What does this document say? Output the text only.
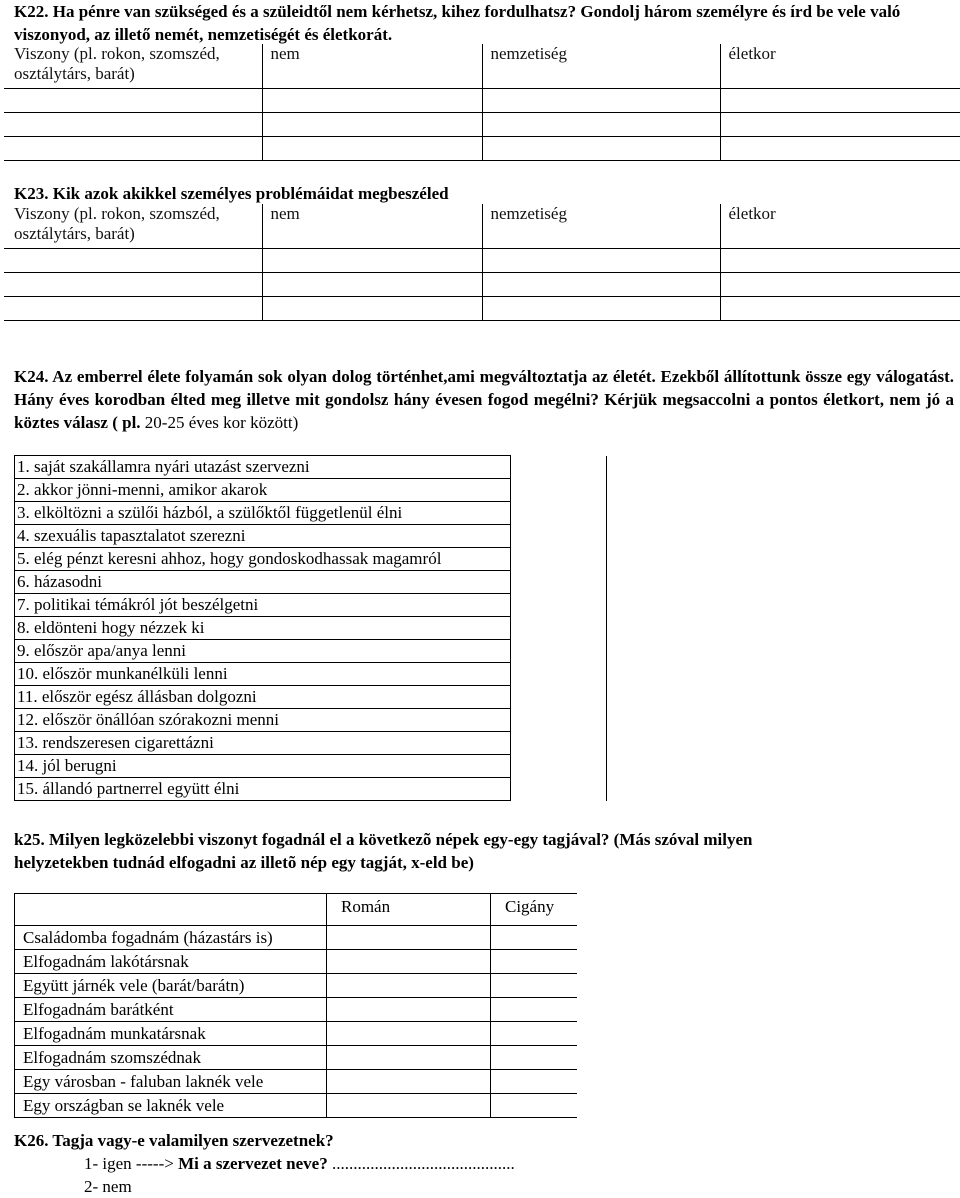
K22. Ha pénre van szükséged és a szüleidtől nem kérhetsz, kihez fordulhatsz? Gondolj három személyre és írd be vele való viszonyod, az illető nemét, nemzetiségét és életkorát.

Viszony (pl. rokon, szomszéd, osztálytárs, barát)	nem	nemzetiség	életkor

K23. Kik azok akikkel személyes problémáidat megbeszéled

Viszony (pl. rokon, szomszéd, osztálytárs, barát)	nem	nemzetiség	életkor

K24. Az emberrel élete folyamán sok olyan dolog történhet,ami megváltoztatja az életét. Ezekből állítottunk össze egy válogatást. Hány éves korodban élted meg illetve mit gondolsz hány évesen fogod megélni? Kérjük megsaccolni a pontos életkort, nem jó a köztes válasz ( pl. 20-25 éves kor között)

1. saját szakállamra nyári utazást szervezni	
2. akkor jönni-menni, amikor akarok	
3. elköltözni a szülői házból, a szülőktől függetlenül élni	
4. szexuális tapasztalatot szerezni	
5. elég pénzt keresni ahhoz, hogy gondoskodhassak magamról	
6. házasodni	
7. politikai témákról jót beszélgetni	
8. eldönteni hogy nézzek ki	
9. először apa/anya lenni	
10. először munkanélküli lenni	
11. először egész állásban dolgozni	
12. először önállóan szórakozni menni	
13. rendszeresen cigarettázni	
14. jól berugni	
15. állandó partnerrel együtt élni	

k25. Milyen legközelebbi viszonyt fogadnál el a következõ népek egy-egy tagjával? (Más szóval milyen helyzetekben tudnád elfogadni az illetõ nép egy tagját, x-eld be)

	Román	Cigány
Családomba fogadnám (házastárs is)		
Elfogadnám lakótársnak		
Együtt járnék vele (barát/barátn)		
Elfogadnám barátként		
Elfogadnám munkatársnak		
Elfogadnám szomszédnak		
Egy városban - faluban laknék vele		
Egy országban se laknék vele		
K26. Tagja vagy-e valamilyen szervezetnek?
1- igen -----> Mi a szervezet neve? ...........................................
2- nem
